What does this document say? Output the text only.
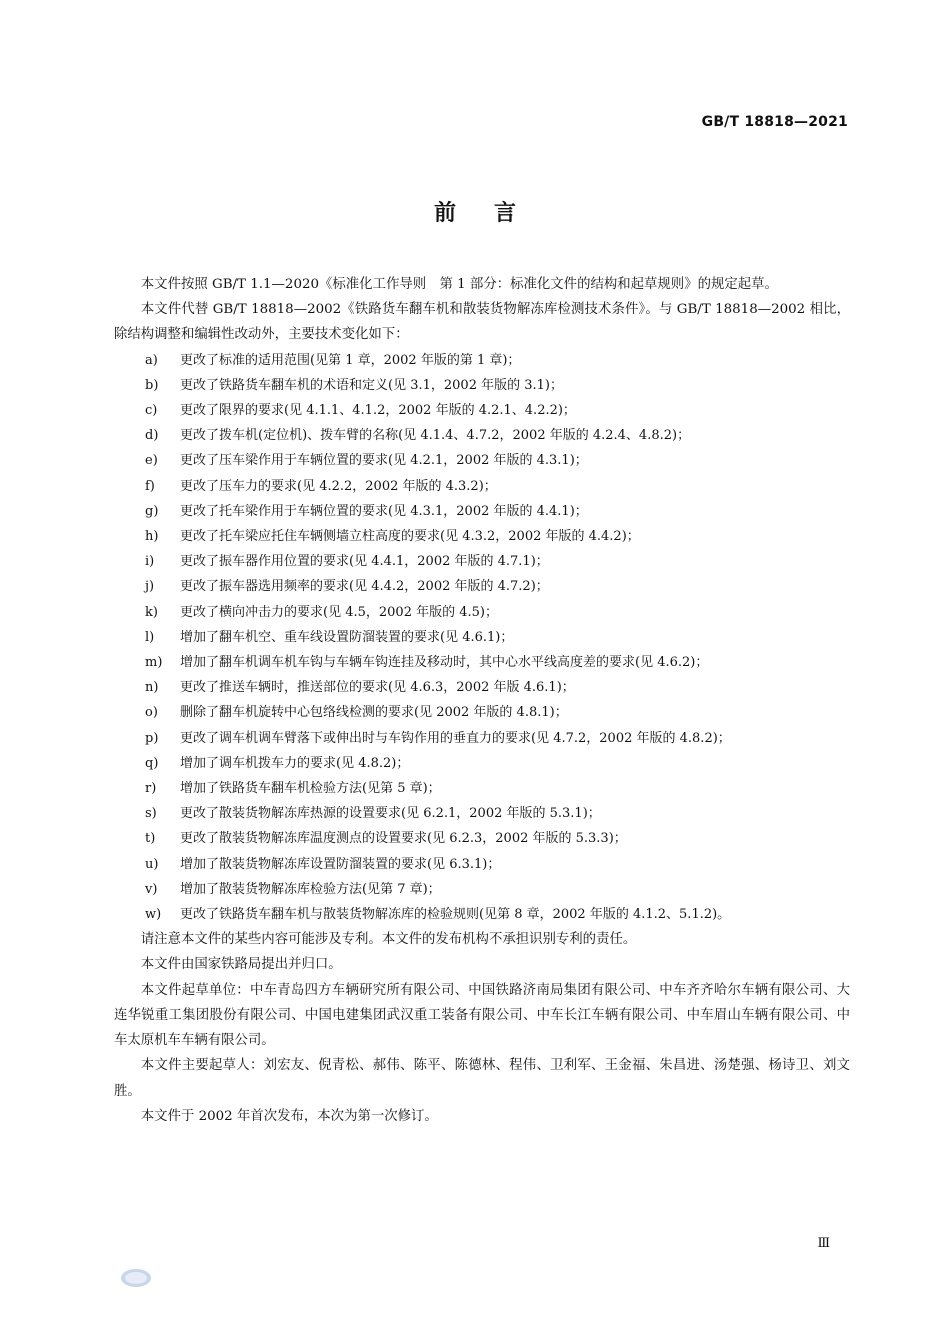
GB/T 18818—2021
前言
本文件按照 GB/T 1.1—2020《标准化工作导则　第 1 部分：标准化文件的结构和起草规则》的规定起草。
本文件代替 GB/T 18818—2002《铁路货车翻车机和散装货物解冻库检测技术条件》。与 GB/T 18818—2002 相比，除结构调整和编辑性改动外，主要技术变化如下：
a) 更改了标准的适用范围(见第 1 章，2002 年版的第 1 章)；
b) 更改了铁路货车翻车机的术语和定义(见 3.1，2002 年版的 3.1)；
c) 更改了限界的要求(见 4.1.1、4.1.2，2002 年版的 4.2.1、4.2.2)；
d) 更改了拨车机(定位机)、拨车臂的名称(见 4.1.4、4.7.2，2002 年版的 4.2.4、4.8.2)；
e) 更改了压车梁作用于车辆位置的要求(见 4.2.1，2002 年版的 4.3.1)；
f) 更改了压车力的要求(见 4.2.2，2002 年版的 4.3.2)；
g) 更改了托车梁作用于车辆位置的要求(见 4.3.1，2002 年版的 4.4.1)；
h) 更改了托车梁应托住车辆侧墙立柱高度的要求(见 4.3.2，2002 年版的 4.4.2)；
i) 更改了振车器作用位置的要求(见 4.4.1，2002 年版的 4.7.1)；
j) 更改了振车器选用频率的要求(见 4.4.2，2002 年版的 4.7.2)；
k) 更改了横向冲击力的要求(见 4.5，2002 年版的 4.5)；
l) 增加了翻车机空、重车线设置防溜装置的要求(见 4.6.1)；
m) 增加了翻车机调车机车钩与车辆车钩连挂及移动时，其中心水平线高度差的要求(见 4.6.2)；
n) 更改了推送车辆时，推送部位的要求(见 4.6.3，2002 年版 4.6.1)；
o) 删除了翻车机旋转中心包络线检测的要求(见 2002 年版的 4.8.1)；
p) 更改了调车机调车臂落下或伸出时与车钩作用的垂直力的要求(见 4.7.2，2002 年版的 4.8.2)；
q) 增加了调车机拨车力的要求(见 4.8.2)；
r) 增加了铁路货车翻车机检验方法(见第 5 章)；
s) 更改了散装货物解冻库热源的设置要求(见 6.2.1，2002 年版的 5.3.1)；
t) 更改了散装货物解冻库温度测点的设置要求(见 6.2.3，2002 年版的 5.3.3)；
u) 增加了散装货物解冻库设置防溜装置的要求(见 6.3.1)；
v) 增加了散装货物解冻库检验方法(见第 7 章)；
w) 更改了铁路货车翻车机与散装货物解冻库的检验规则(见第 8 章，2002 年版的 4.1.2、5.1.2)。
请注意本文件的某些内容可能涉及专利。本文件的发布机构不承担识别专利的责任。
本文件由国家铁路局提出并归口。
本文件起草单位：中车青岛四方车辆研究所有限公司、中国铁路济南局集团有限公司、中车齐齐哈尔车辆有限公司、大连华锐重工集团股份有限公司、中国电建集团武汉重工装备有限公司、中车长江车辆有限公司、中车眉山车辆有限公司、中车太原机车车辆有限公司。
本文件主要起草人：刘宏友、倪青松、郝伟、陈平、陈德林、程伟、卫利军、王金福、朱昌进、汤楚强、杨诗卫、刘文胜。
本文件于 2002 年首次发布，本次为第一次修订。
Ⅲ
